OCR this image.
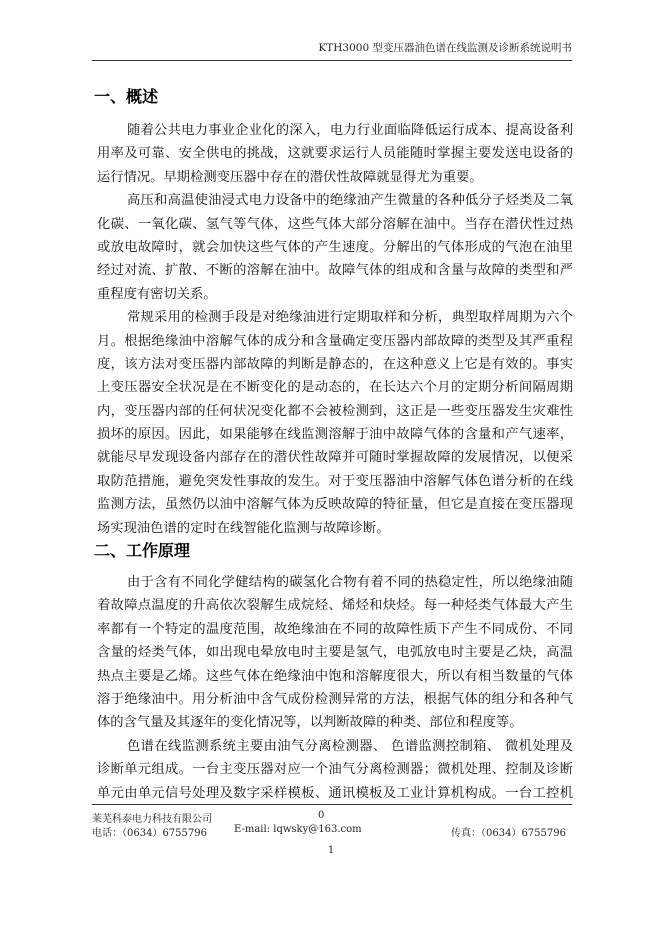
KTH3000 型变压器油色谱在线监测及诊断系统说明书
一、概述
随着公共电力事业企业化的深入，电力行业面临降低运行成本、提高设备利
用率及可靠、安全供电的挑战，这就要求运行人员能随时掌握主要发送电设备的
运行情况。早期检测变压器中存在的潜伏性故障就显得尤为重要。
高压和高温使油浸式电力设备中的绝缘油产生微量的各种低分子烃类及二氧
化碳、一氧化碳、氢气等气体，这些气体大部分溶解在油中。当存在潜伏性过热
或放电故障时，就会加快这些气体的产生速度。分解出的气体形成的气泡在油里
经过对流、扩散、不断的溶解在油中。故障气体的组成和含量与故障的类型和严
重程度有密切关系。
常规采用的检测手段是对绝缘油进行定期取样和分析，典型取样周期为六个
月。根据绝缘油中溶解气体的成分和含量确定变压器内部故障的类型及其严重程
度，该方法对变压器内部故障的判断是静态的，在这种意义上它是有效的。事实
上变压器安全状况是在不断变化的是动态的，在长达六个月的定期分析间隔周期
内，变压器内部的任何状况变化都不会被检测到，这正是一些变压器发生灾难性
损坏的原因。因此，如果能够在线监测溶解于油中故障气体的含量和产气速率，
就能尽早发现设备内部存在的潜伏性故障并可随时掌握故障的发展情况，以便采
取防范措施，避免突发性事故的发生。对于变压器油中溶解气体色谱分析的在线
监测方法，虽然仍以油中溶解气体为反映故障的特征量，但它是直接在变压器现
场实现油色谱的定时在线智能化监测与故障诊断。
二、工作原理
由于含有不同化学健结构的碳氢化合物有着不同的热稳定性，所以绝缘油随
着故障点温度的升高依次裂解生成烷烃、烯烃和炔烃。每一种烃类气体最大产生
率都有一个特定的温度范围，故绝缘油在不同的故障性质下产生不同成份、不同
含量的烃类气体，如出现电晕放电时主要是氢气，电弧放电时主要是乙炔，高温
热点主要是乙烯。这些气体在绝缘油中饱和溶解度很大，所以有相当数量的气体
溶于绝缘油中。用分析油中含气成份检测异常的方法，根据气体的组分和各种气
体的含气量及其逐年的变化情况等，以判断故障的种类、部位和程度等。
色谱在线监测系统主要由油气分离检测器、 色谱监测控制箱、 微机处理及
诊断单元组成。一台主变压器对应一个油气分离检测器；微机处理、控制及诊断
单元由单元信号处理及数字采样模板、通讯模板及工业计算机构成。一台工控机
莱芜科泰电力科技有限公司	0
电话：（0634）6755796	E-mail: lqwsky@163.com	传真：（0634）6755796
1
